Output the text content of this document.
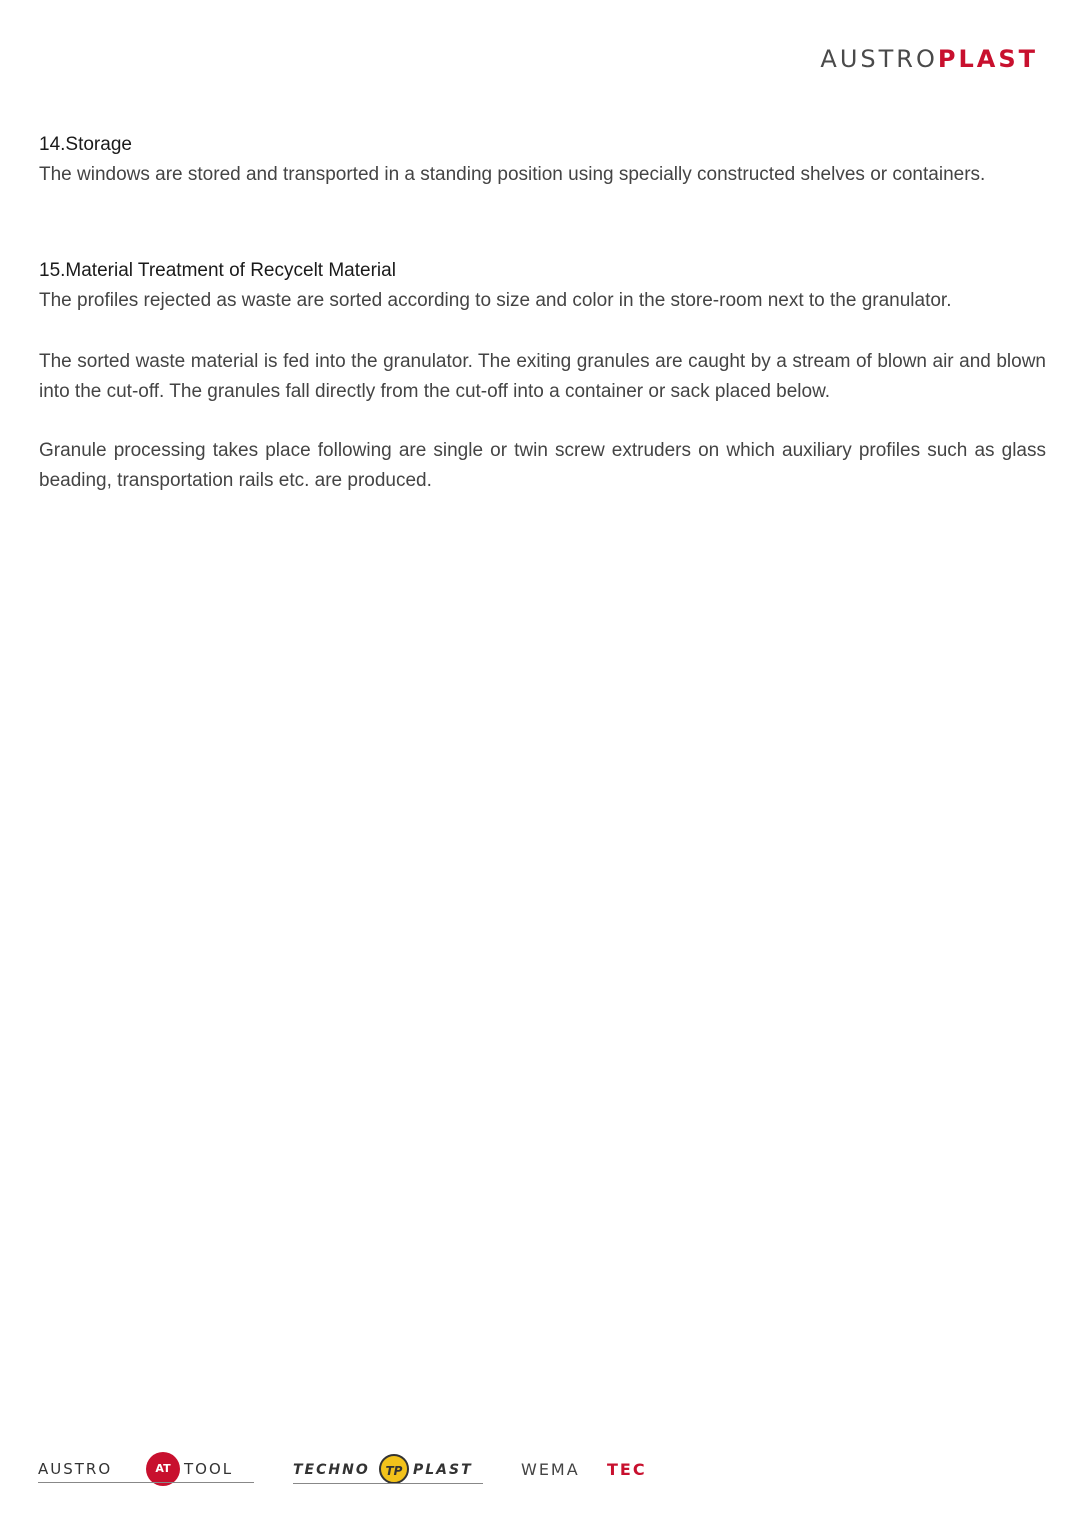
AUSTROPLAST
14.Storage

The windows are stored and transported in a standing position using specially constructed shelves or containers.

15.Material Treatment of Recycelt Material

The profiles rejected as waste are sorted according to size and color in the store-room next to the granulator.

The sorted waste material is fed into the granulator. The exiting granules are caught by a stream of blown air and blown into the cut-off. The granules fall directly from the cut-off into a container or sack placed below.

Granule processing takes place following are single or twin screw extruders on which auxiliary profiles such as glass beading, transportation rails etc. are produced.

AUSTRO	AT TOOL	TECHNO	TP PLAST	WEMA TEC
